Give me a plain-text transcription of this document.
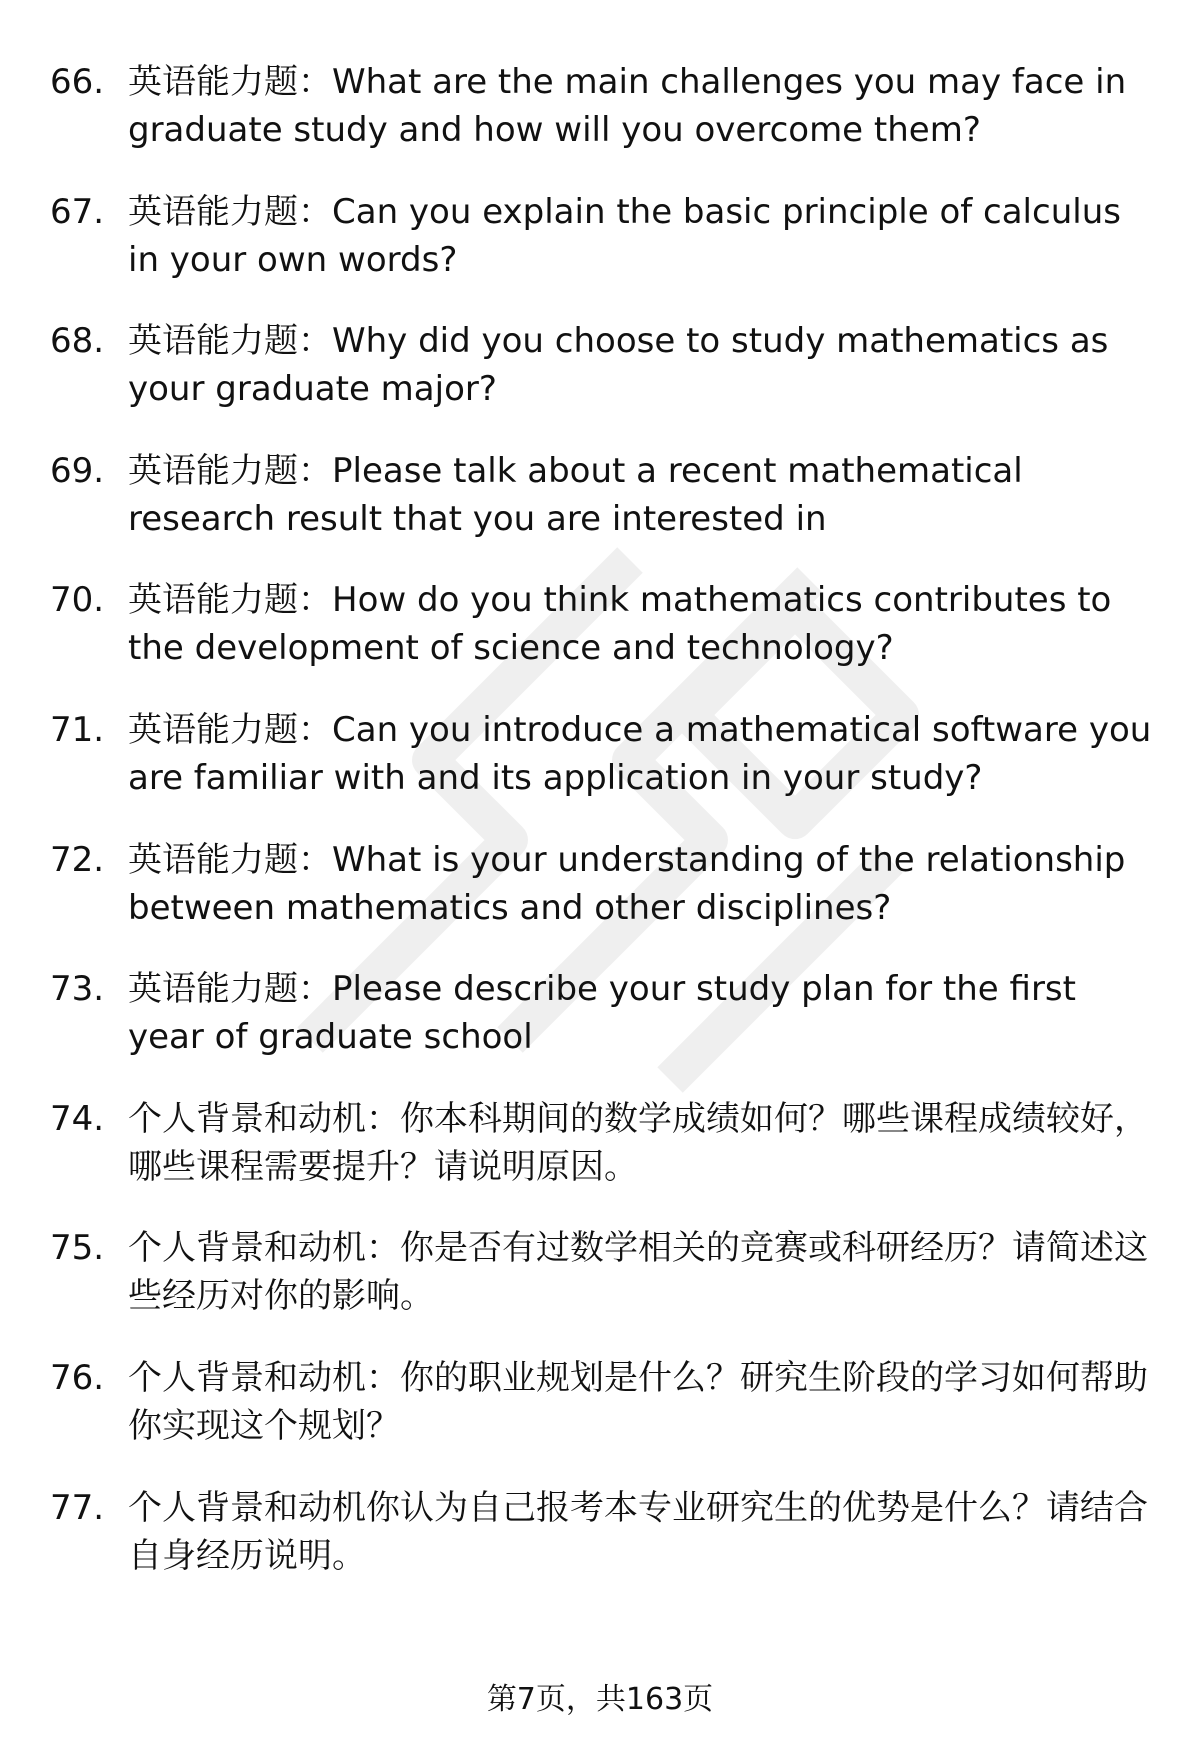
66. 英语能力题：What are the main challenges you may face in graduate study and how will you overcome them?
67. 英语能力题：Can you explain the basic principle of calculus in your own words?
68. 英语能力题：Why did you choose to study mathematics as your graduate major?
69. 英语能力题：Please talk about a recent mathematical research result that you are interested in
70. 英语能力题：How do you think mathematics contributes to the development of science and technology?
71. 英语能力题：Can you introduce a mathematical software you are familiar with and its application in your study?
72. 英语能力题：What is your understanding of the relationship between mathematics and other disciplines?
73. 英语能力题：Please describe your study plan for the first year of graduate school
74. 个人背景和动机：你本科期间的数学成绩如何？哪些课程成绩较好，哪些课程需要提升？请说明原因。
75. 个人背景和动机：你是否有过数学相关的竞赛或科研经历？请简述这些经历对你的影响。
76. 个人背景和动机：你的职业规划是什么？研究生阶段的学习如何帮助你实现这个规划？
77. 个人背景和动机你认为自己报考本专业研究生的优势是什么？请结合自身经历说明。
第7页，共163页
